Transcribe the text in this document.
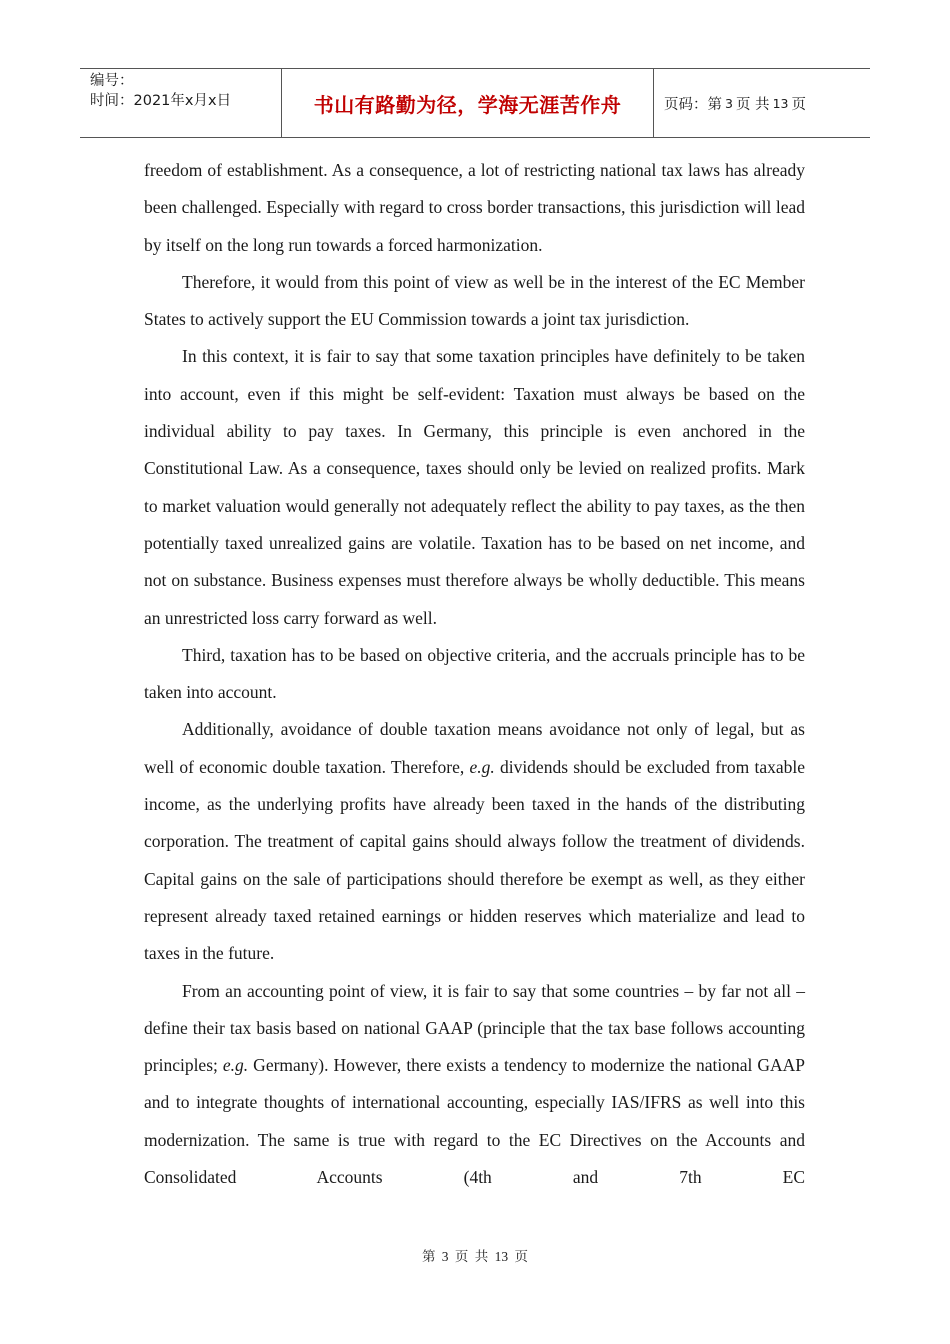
编号：
时间：2021年x月x日	书山有路勤为径，学海无涯苦作舟	页码：第 3 页 共 13 页

freedom of establishment. As a consequence, a lot of restricting national tax laws has already been challenged. Especially with regard to cross border transactions, this jurisdiction will lead by itself on the long run towards a forced harmonization.

Therefore, it would from this point of view as well be in the interest of the EC Member States to actively support the EU Commission towards a joint tax jurisdiction.

In this context, it is fair to say that some taxation principles have definitely to be taken into account, even if this might be self-evident: Taxation must always be based on the individual ability to pay taxes. In Germany, this principle is even anchored in the Constitutional Law. As a consequence, taxes should only be levied on realized profits. Mark to market valuation would generally not adequately reflect the ability to pay taxes, as the then potentially taxed unrealized gains are volatile. Taxation has to be based on net income, and not on substance. Business expenses must therefore always be wholly deductible. This means an unrestricted loss carry forward as well.

Third, taxation has to be based on objective criteria, and the accruals principle has to be taken into account.

Additionally, avoidance of double taxation means avoidance not only of legal, but as well of economic double taxation. Therefore, e.g. dividends should be excluded from taxable income, as the underlying profits have already been taxed in the hands of the distributing corporation. The treatment of capital gains should always follow the treatment of dividends. Capital gains on the sale of participations should therefore be exempt as well, as they either represent already taxed retained earnings or hidden reserves which materialize and lead to taxes in the future.

From an accounting point of view, it is fair to say that some countries – by far not all – define their tax basis based on national GAAP (principle that the tax base follows accounting principles; e.g. Germany). However, there exists a tendency to modernize the national GAAP and to integrate thoughts of international accounting, especially IAS/IFRS as well into this modernization. The same is true with regard to the EC Directives on the Accounts and Consolidated Accounts (4th and 7th EC

第 3 页 共 13 页
